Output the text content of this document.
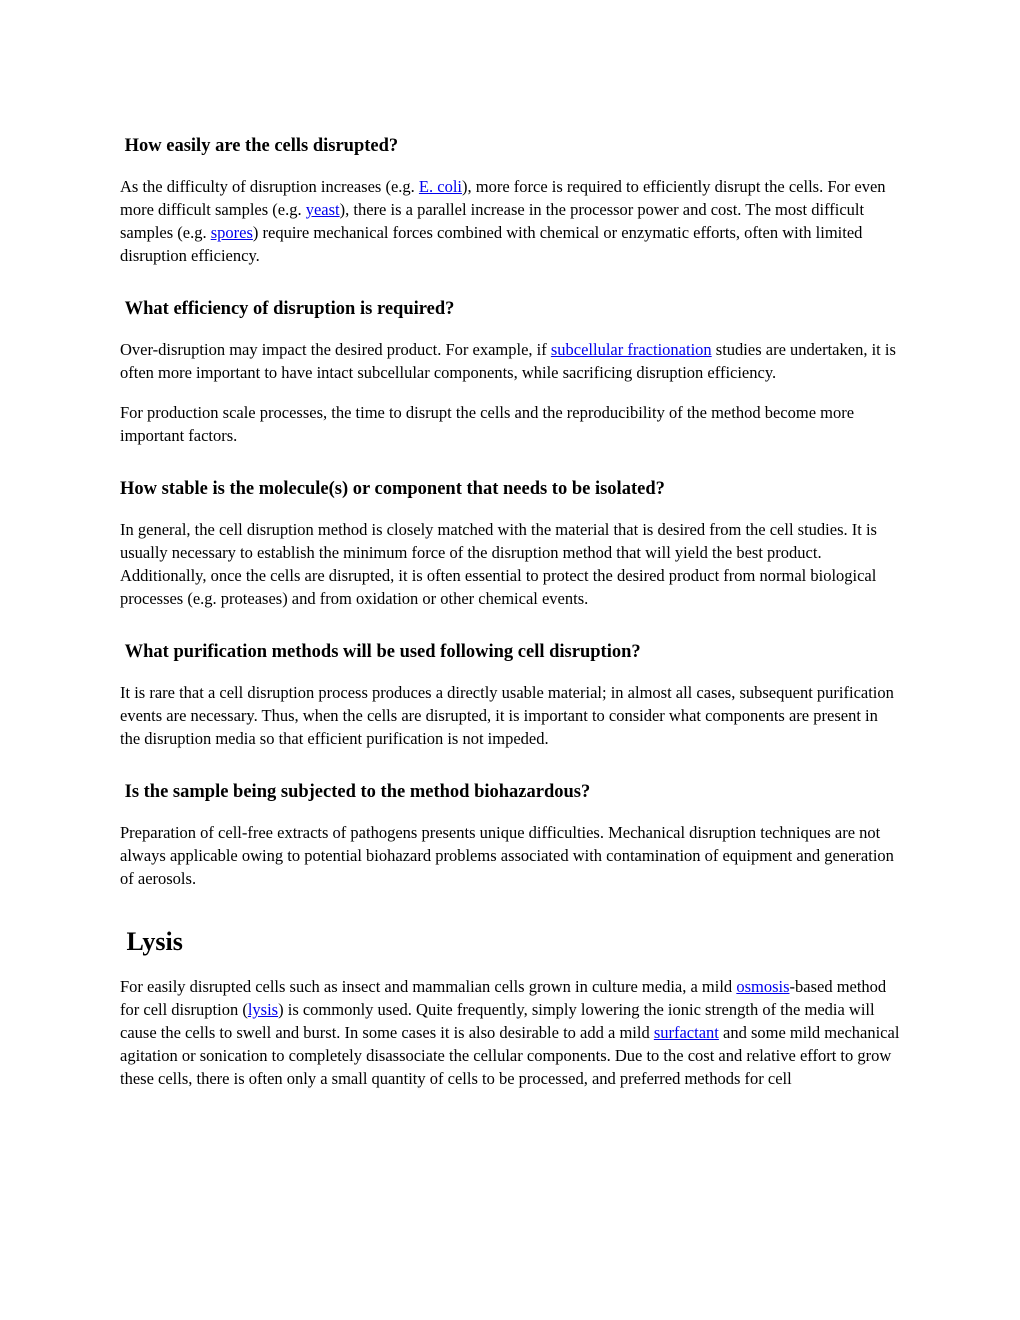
How easily are the cells disrupted?

As the difficulty of disruption increases (e.g. E. coli), more force is required to efficiently disrupt the cells. For even more difficult samples (e.g. yeast), there is a parallel increase in the processor power and cost. The most difficult samples (e.g. spores) require mechanical forces combined with chemical or enzymatic efforts, often with limited disruption efficiency.

What efficiency of disruption is required?

Over-disruption may impact the desired product. For example, if subcellular fractionation studies are undertaken, it is often more important to have intact subcellular components, while sacrificing disruption efficiency.

For production scale processes, the time to disrupt the cells and the reproducibility of the method become more important factors.

How stable is the molecule(s) or component that needs to be isolated?

In general, the cell disruption method is closely matched with the material that is desired from the cell studies. It is usually necessary to establish the minimum force of the disruption method that will yield the best product. Additionally, once the cells are disrupted, it is often essential to protect the desired product from normal biological processes (e.g. proteases) and from oxidation or other chemical events.

What purification methods will be used following cell disruption?

It is rare that a cell disruption process produces a directly usable material; in almost all cases, subsequent purification events are necessary. Thus, when the cells are disrupted, it is important to consider what components are present in the disruption media so that efficient purification is not impeded.

Is the sample being subjected to the method biohazardous?

Preparation of cell-free extracts of pathogens presents unique difficulties. Mechanical disruption techniques are not always applicable owing to potential biohazard problems associated with contamination of equipment and generation of aerosols.

Lysis

For easily disrupted cells such as insect and mammalian cells grown in culture media, a mild osmosis-based method for cell disruption (lysis) is commonly used. Quite frequently, simply lowering the ionic strength of the media will cause the cells to swell and burst. In some cases it is also desirable to add a mild surfactant and some mild mechanical agitation or sonication to completely disassociate the cellular components. Due to the cost and relative effort to grow these cells, there is often only a small quantity of cells to be processed, and preferred methods for cell
